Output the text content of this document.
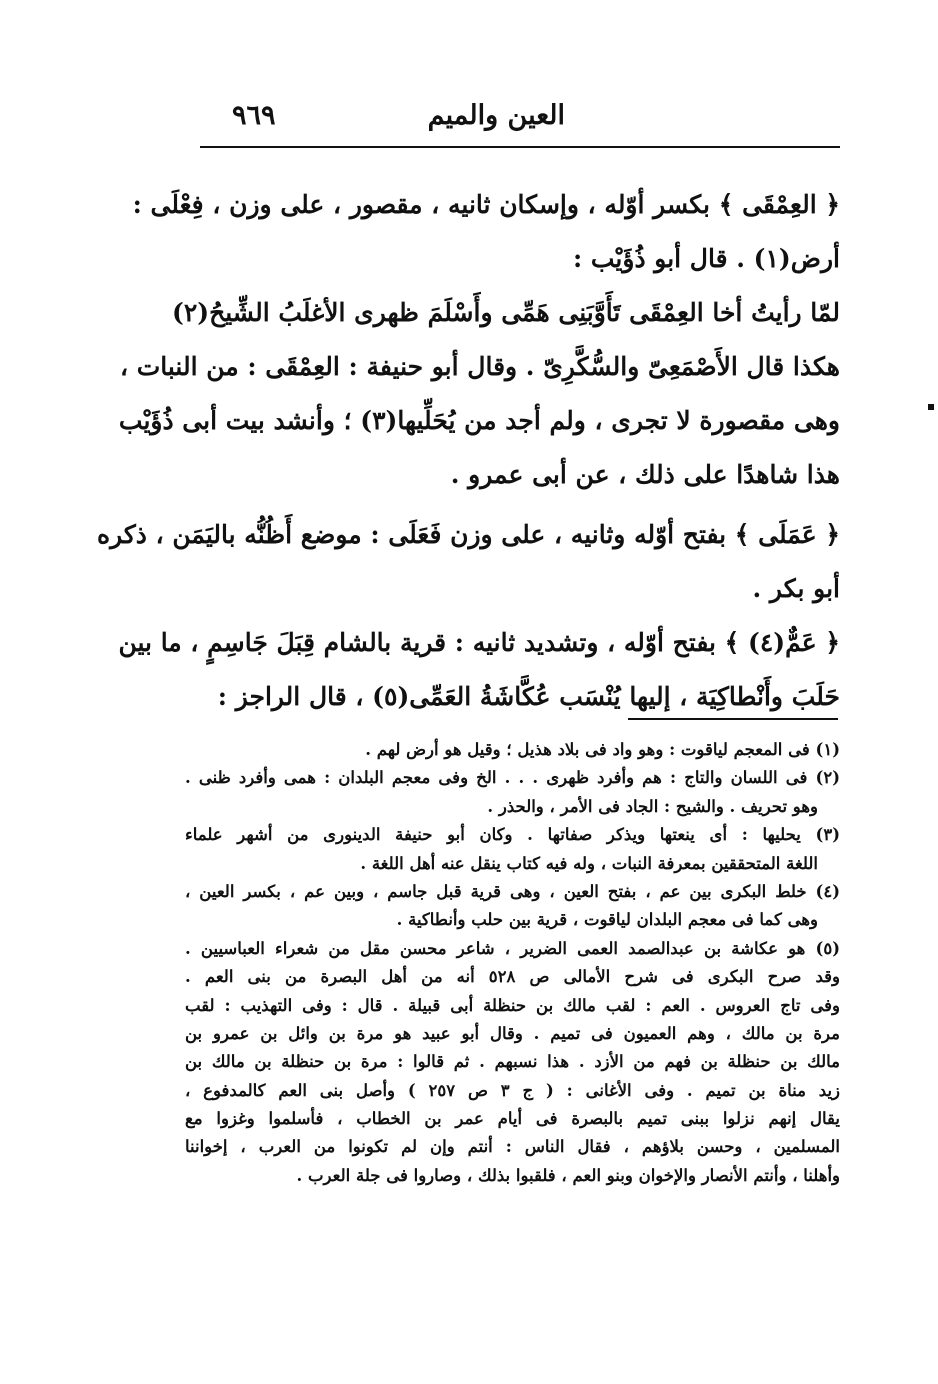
العين والميم
٩٦٩
﴿ العِمْقَى ﴾ بكسر أوّله ، وإسكان ثانيه ، مقصور ، على وزن ، فِعْلَى :
أرض(١) . قال أبو ذُؤَيْب :
لمّا رأيتُ أخا العِمْقَى تَأَوَّبَنِى هَمِّى وأَسْلَمَ ظهرى الأغلَبُ الشِّيحُ(٢)
هكذا قال الأَصْمَعِىّ والسُّكَّرِىّ . وقال أبو حنيفة : العِمْقَى : من النبات ،
وهى مقصورة لا تجرى ، ولم أجد من يُحَلِّيها(٣) ؛ وأنشد بيت أبى ذُؤَيْب
هذا شاهدًا على ذلك ، عن أبى عمرو .
﴿ عَمَلَى ﴾ بفتح أوّله وثانيه ، على وزن فَعَلَى : موضع أَظُنُّه باليَمَن ، ذكره
أبو بكر .
﴿ عَمٌّ(٤) ﴾ بفتح أوّله ، وتشديد ثانيه : قرية بالشام قِبَلَ جَاسِمٍ ، ما بين
حَلَبَ وأَنْطاكِيَة ، إليها يُنْسَب عُكَّاشَةُ العَمِّى(٥) ، قال الراجز :
(١) فى المعجم لياقوت : وهو واد فى بلاد هذيل ؛ وقيل هو أرض لهم .
(٢) فى اللسان والتاج : هم وأفرد ظهرى . . . الخ وفى معجم البلدان : همى وأفرد ظنى .
وهو تحريف . والشيح : الجاد فى الأمر ، والحذر .
(٣) يحليها : أى ينعتها ويذكر صفاتها . وكان أبو حنيفة الدينورى من أشهر علماء
اللغة المتحققين بمعرفة النبات ، وله فيه كتاب ينقل عنه أهل اللغة .
(٤) خلط البكرى بين عم ، بفتح العين ، وهى قرية قبل جاسم ، وبين عم ، بكسر العين ،
وهى كما فى معجم البلدان لياقوت ، قرية بين حلب وأنطاكية .
(٥) هو عكاشة بن عبدالصمد العمى الضرير ، شاعر محسن مقل من شعراء العباسيين .
وقد صرح البكرى فى شرح الأمالى ص ٥٢٨ أنه من أهل البصرة من بنى العم .
وفى تاج العروس . العم : لقب مالك بن حنظلة أبى قبيلة . قال : وفى التهذيب : لقب
مرة بن مالك ، وهم العميون فى تميم . وقال أبو عبيد هو مرة بن وائل بن عمرو بن
مالك بن حنظلة بن فهم من الأزد . هذا نسبهم . ثم قالوا : مرة بن حنظلة بن مالك بن
زيد مناة بن تميم . وفى الأغانى : ( ج ٣ ص ٢٥٧ ) وأصل بنى العم كالمدفوع ،
يقال إنهم نزلوا ببنى تميم بالبصرة فى أيام عمر بن الخطاب ، فأسلموا وغزوا مع
المسلمين ، وحسن بلاؤهم ، فقال الناس : أنتم وإن لم تكونوا من العرب ، إخواننا
وأهلنا ، وأنتم الأنصار والإخوان وبنو العم ، فلقبوا بذلك ، وصاروا فى جلة العرب .
